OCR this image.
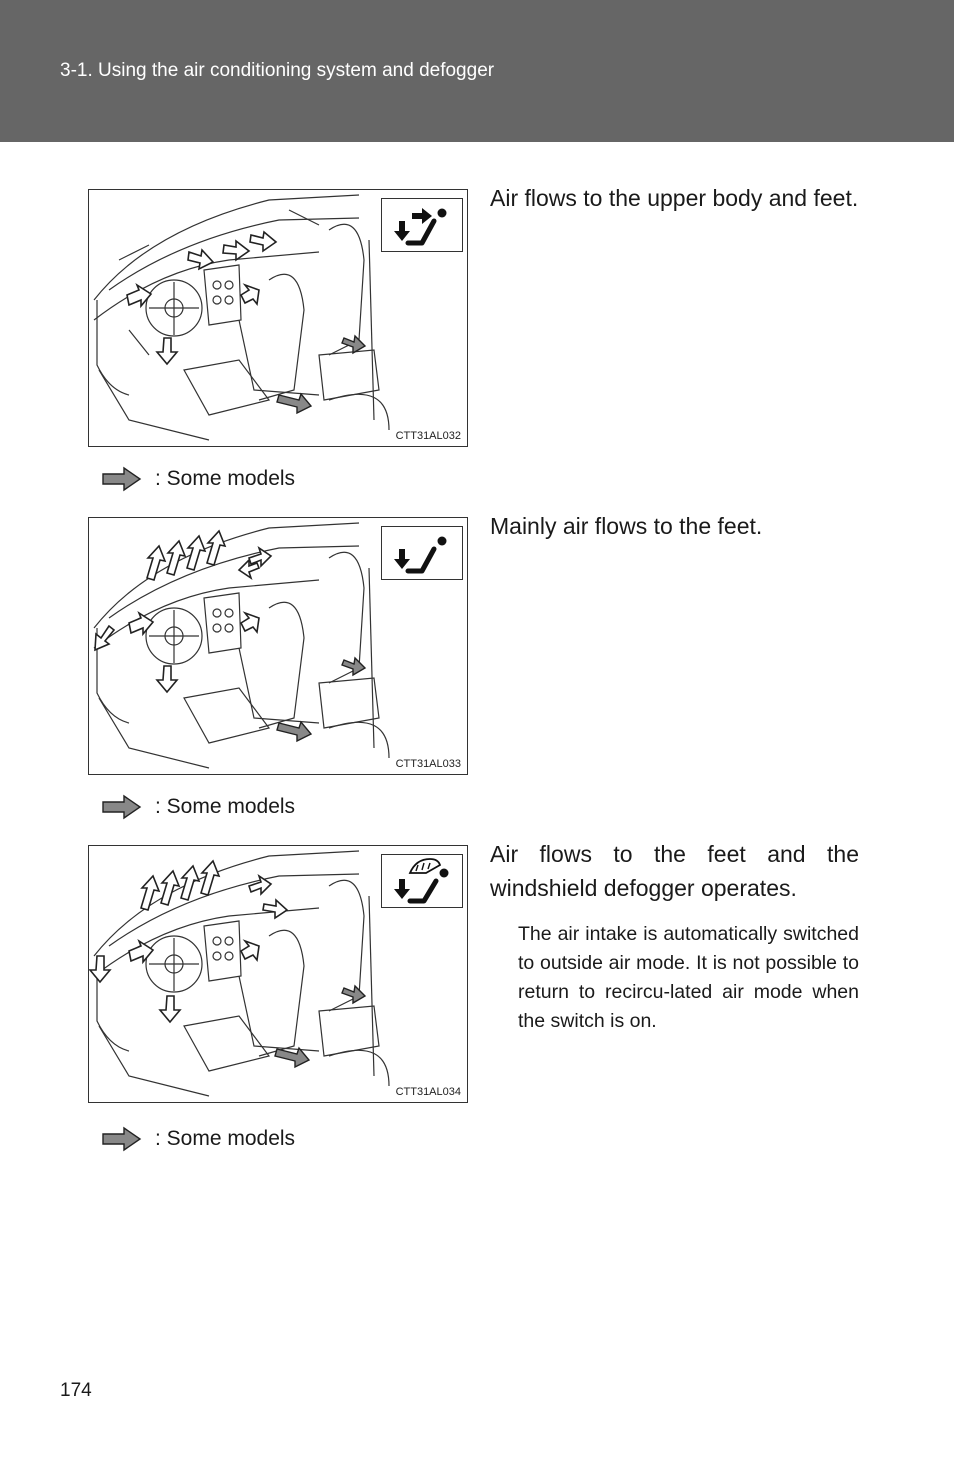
3-1. Using the air conditioning system and defogger
CTT31AL032
Air flows to the upper body and feet.
: Some models
CTT31AL033
Mainly air flows to the feet.
: Some models
CTT31AL034
Air flows to the feet and the windshield defogger operates.
The air intake is automatically switched to outside air mode. It is not possible to return to recircu-lated air mode when the switch is on.
: Some models
174
